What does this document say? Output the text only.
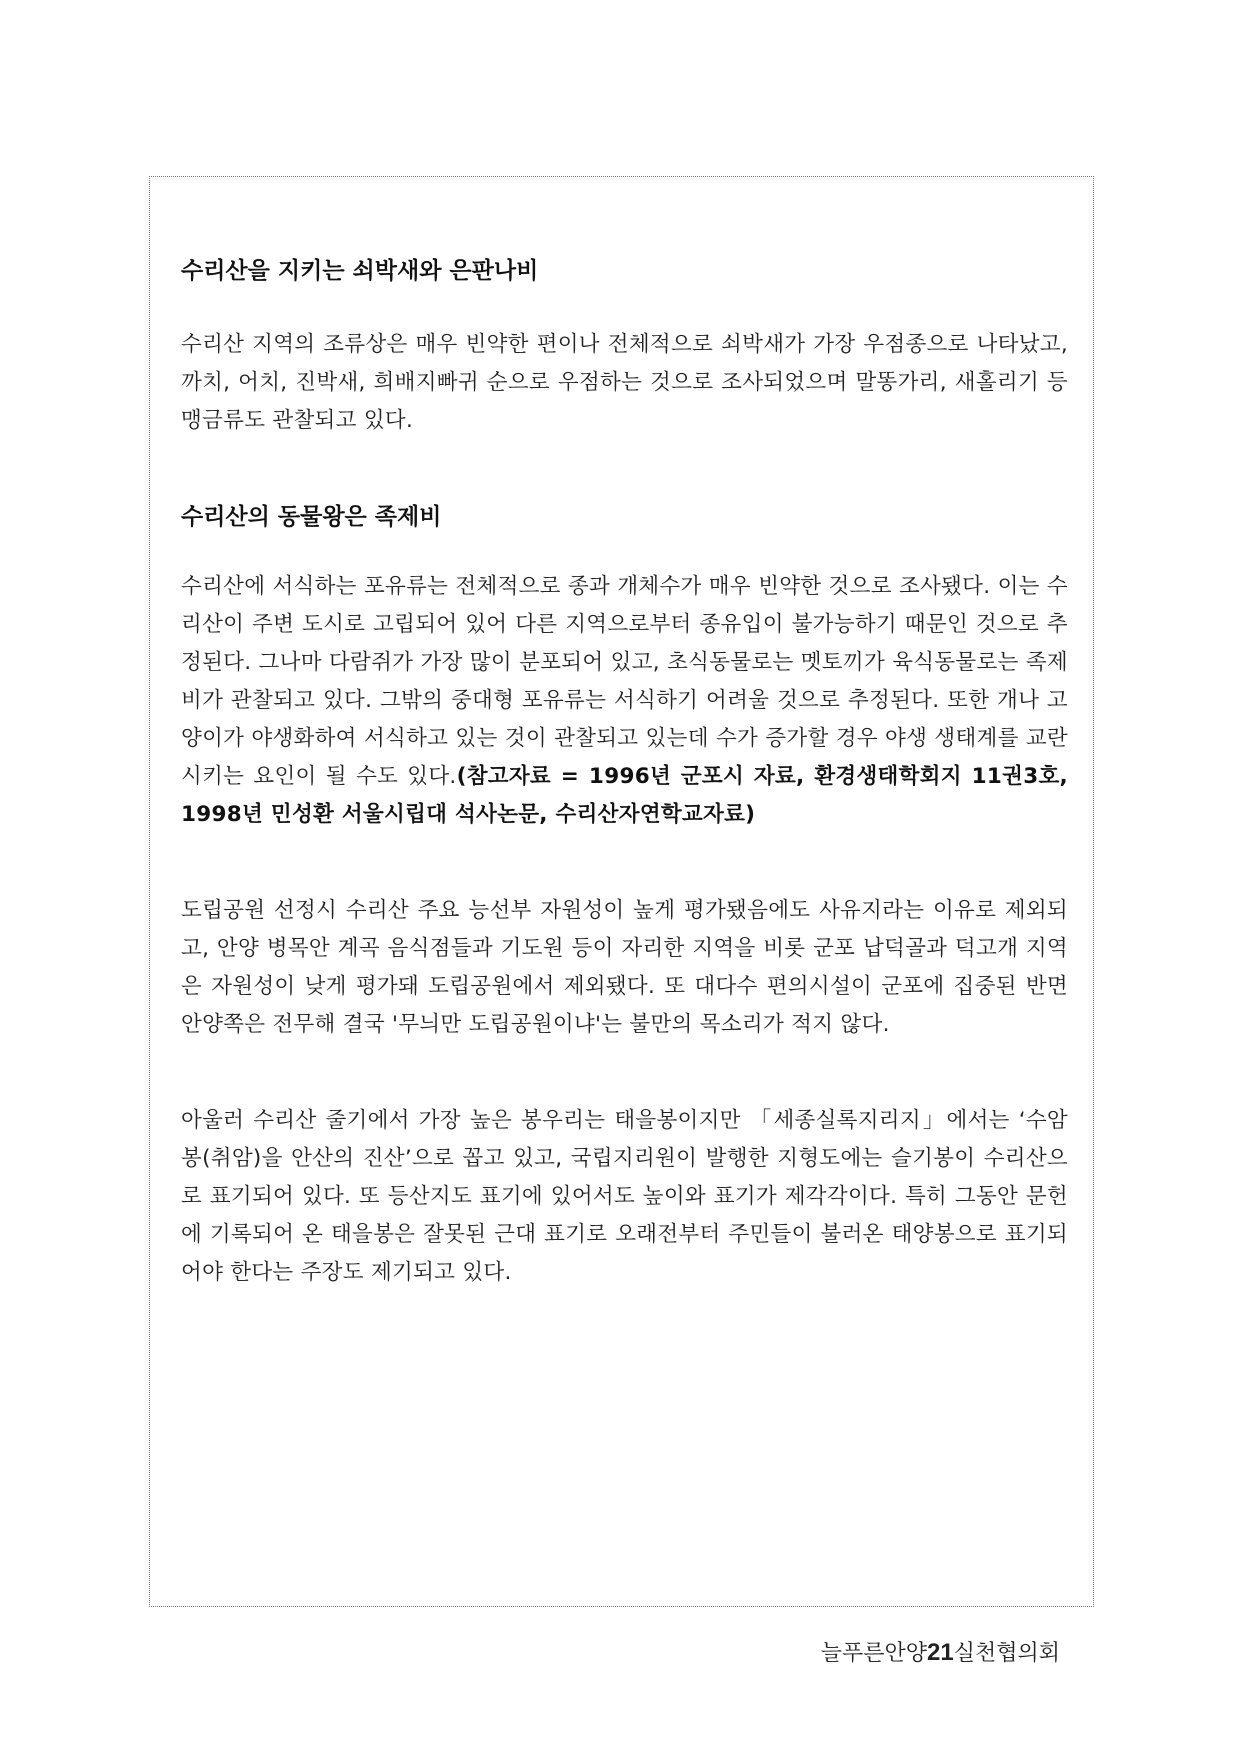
수리산을 지키는 쇠박새와 은판나비

수리산 지역의 조류상은 매우 빈약한 편이나 전체적으로 쇠박새가 가장 우점종으로 나타났고, 까치, 어치, 진박새, 희배지빠귀 순으로 우점하는 것으로 조사되었으며 말똥가리, 새홀리기 등 맹금류도 관찰되고 있다.

수리산의 동물왕은 족제비

수리산에 서식하는 포유류는 전체적으로 종과 개체수가 매우 빈약한 것으로 조사됐다. 이는 수리산이 주변 도시로 고립되어 있어 다른 지역으로부터 종유입이 불가능하기 때문인 것으로 추정된다. 그나마 다람쥐가 가장 많이 분포되어 있고, 초식동물로는 멧토끼가 육식동물로는 족제비가 관찰되고 있다. 그밖의 중대형 포유류는 서식하기 어려울 것으로 추정된다. 또한 개나 고양이가 야생화하여 서식하고 있는 것이 관찰되고 있는데 수가 증가할 경우 야생 생태계를 교란시키는 요인이 될 수도 있다.(참고자료 = 1996년 군포시 자료, 환경생태학회지 11권3호, 1998년 민성환 서울시립대 석사논문, 수리산자연학교자료)

도립공원 선정시 수리산 주요 능선부 자원성이 높게 평가됐음에도 사유지라는 이유로 제외되고, 안양 병목안 계곡 음식점들과 기도원 등이 자리한 지역을 비롯 군포 납덕골과 덕고개 지역은 자원성이 낮게 평가돼 도립공원에서 제외됐다. 또 대다수 편의시설이 군포에 집중된 반면 안양쪽은 전무해 결국 '무늬만 도립공원이냐'는 불만의 목소리가 적지 않다.

아울러 수리산 줄기에서 가장 높은 봉우리는 태을봉이지만 「세종실록지리지」에서는 ‘수암봉(취암)을 안산의 진산’으로 꼽고 있고, 국립지리원이 발행한 지형도에는 슬기봉이 수리산으로 표기되어 있다. 또 등산지도 표기에 있어서도 높이와 표기가 제각각이다. 특히 그동안 문헌에 기록되어 온 태을봉은 잘못된 근대 표기로 오래전부터 주민들이 불러온 태양봉으로 표기되어야 한다는 주장도 제기되고 있다.

늘푸른안양21실천협의회
